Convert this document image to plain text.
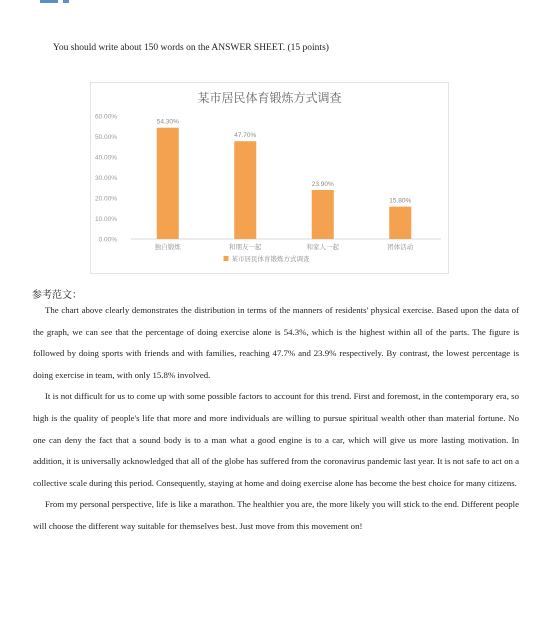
You should write about 150 words on the ANSWER SHEET. (15 points)
某市居民体育锻炼方式调查
0.00%
10.00%
20.00%
30.00%
40.00%
50.00%
60.00%
54.30%
独自锻炼
47.70%
和朋友一起
23.90%
和家人一起
15.80%
团体活动
某市居民体育锻炼方式调查
参考范文：

The chart above clearly demonstrates the distribution in terms of the manners of residents' physical exercise. Based upon the data of the graph, we can see that the percentage of doing exercise alone is 54.3%, which is the highest within all of the parts. The figure is followed by doing sports with friends and with families, reaching 47.7% and 23.9% respectively. By contrast, the lowest percentage is doing exercise in team, with only 15.8% involved.

It is not difficult for us to come up with some possible factors to account for this trend. First and foremost, in the contemporary era, so high is the quality of people's life that more and more individuals are willing to pursue spiritual wealth other than material fortune. No one can deny the fact that a sound body is to a man what a good engine is to a car, which will give us more lasting motivation. In addition, it is universally acknowledged that all of the globe has suffered from the coronavirus pandemic last year. It is not safe to act on a collective scale during this period. Consequently, staying at home and doing exercise alone has become the best choice for many citizens.

From my personal perspective, life is like a marathon. The healthier you are, the more likely you will stick to the end. Different people will choose the different way suitable for themselves best. Just move from this movement on!
